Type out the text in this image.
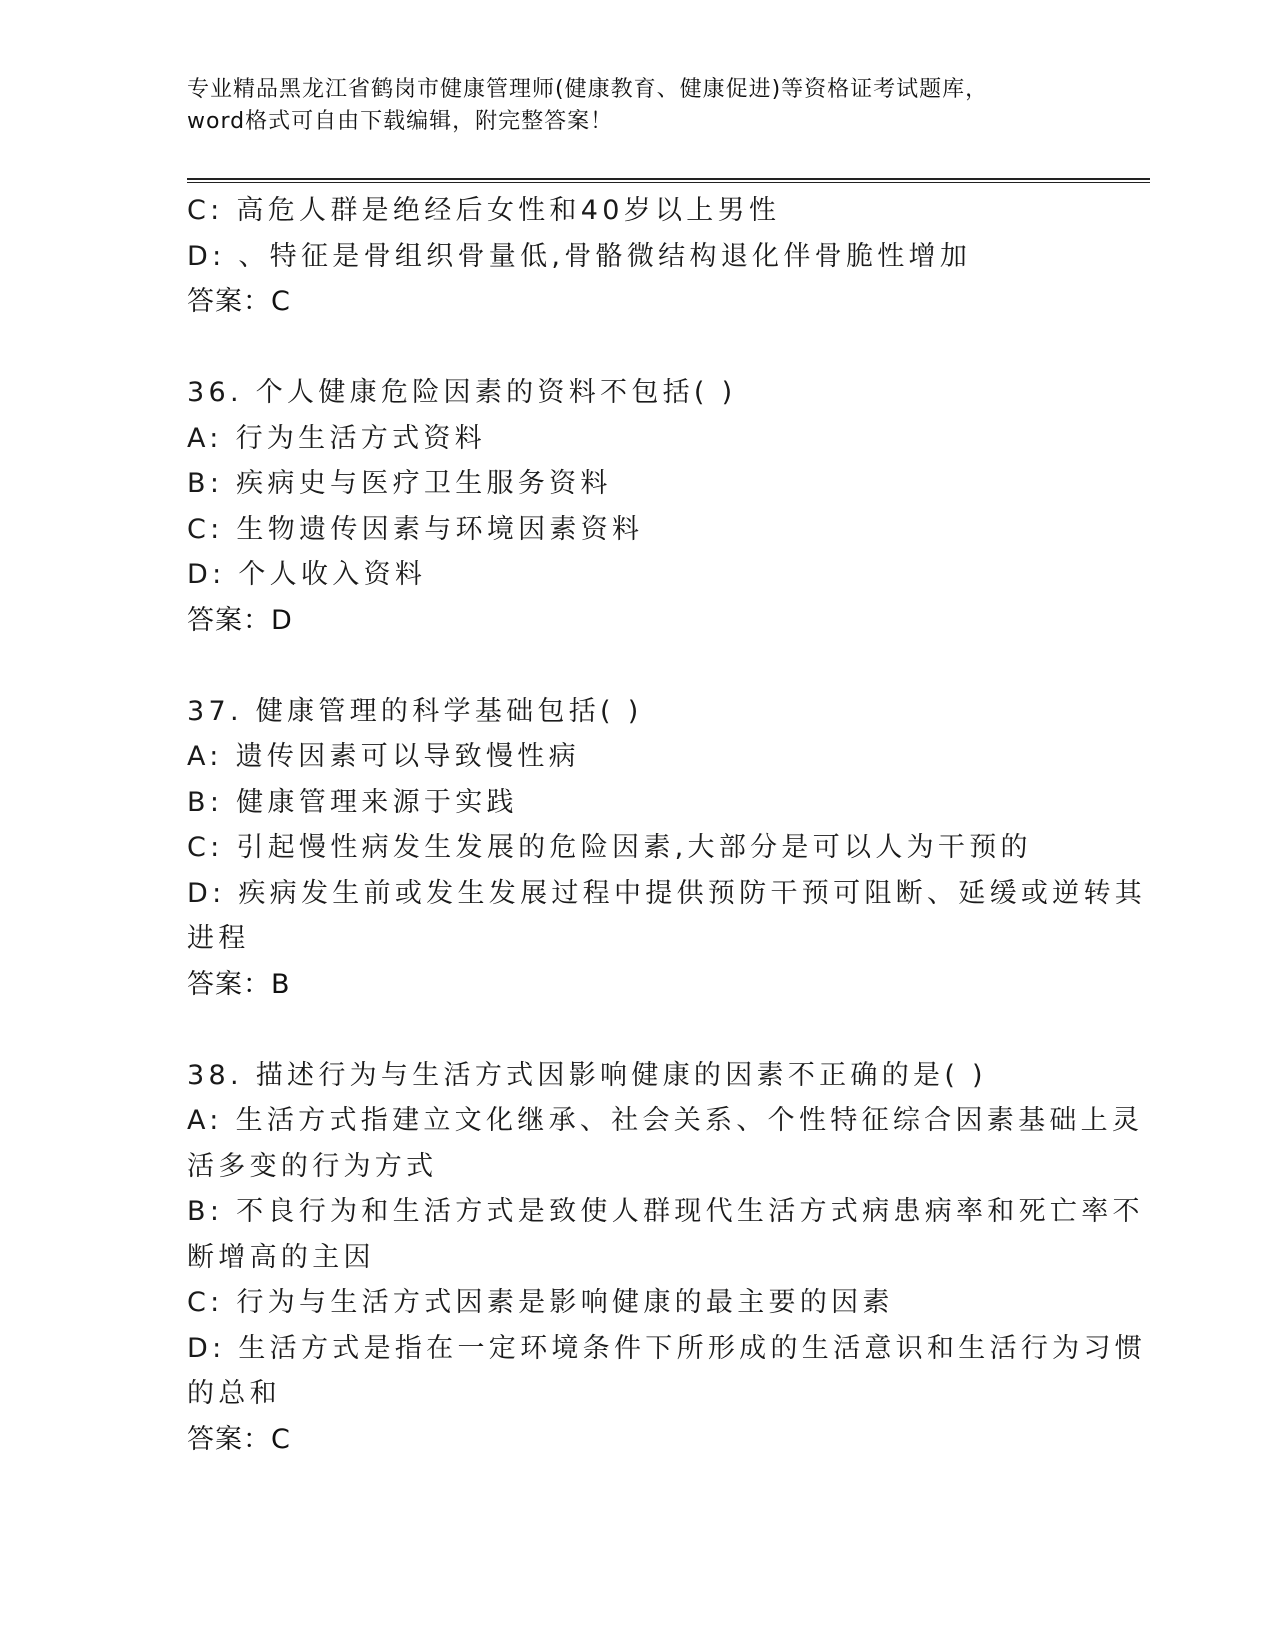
专业精品黑龙江省鹤岗市健康管理师(健康教育、健康促进)等资格证考试题库，
word格式可自由下载编辑，附完整答案！
C: 高危人群是绝经后女性和40岁以上男性
D: 、特征是骨组织骨量低,骨骼微结构退化伴骨脆性增加
答案：C
36. 个人健康危险因素的资料不包括( )
A: 行为生活方式资料
B: 疾病史与医疗卫生服务资料
C: 生物遗传因素与环境因素资料
D: 个人收入资料
答案：D
37. 健康管理的科学基础包括( )
A: 遗传因素可以导致慢性病
B: 健康管理来源于实践
C: 引起慢性病发生发展的危险因素,大部分是可以人为干预的
D: 疾病发生前或发生发展过程中提供预防干预可阻断、延缓或逆转其
进程
答案：B
38. 描述行为与生活方式因影响健康的因素不正确的是( )
A: 生活方式指建立文化继承、社会关系、个性特征综合因素基础上灵
活多变的行为方式
B: 不良行为和生活方式是致使人群现代生活方式病患病率和死亡率不
断增高的主因
C: 行为与生活方式因素是影响健康的最主要的因素
D: 生活方式是指在一定环境条件下所形成的生活意识和生活行为习惯
的总和
答案：C
